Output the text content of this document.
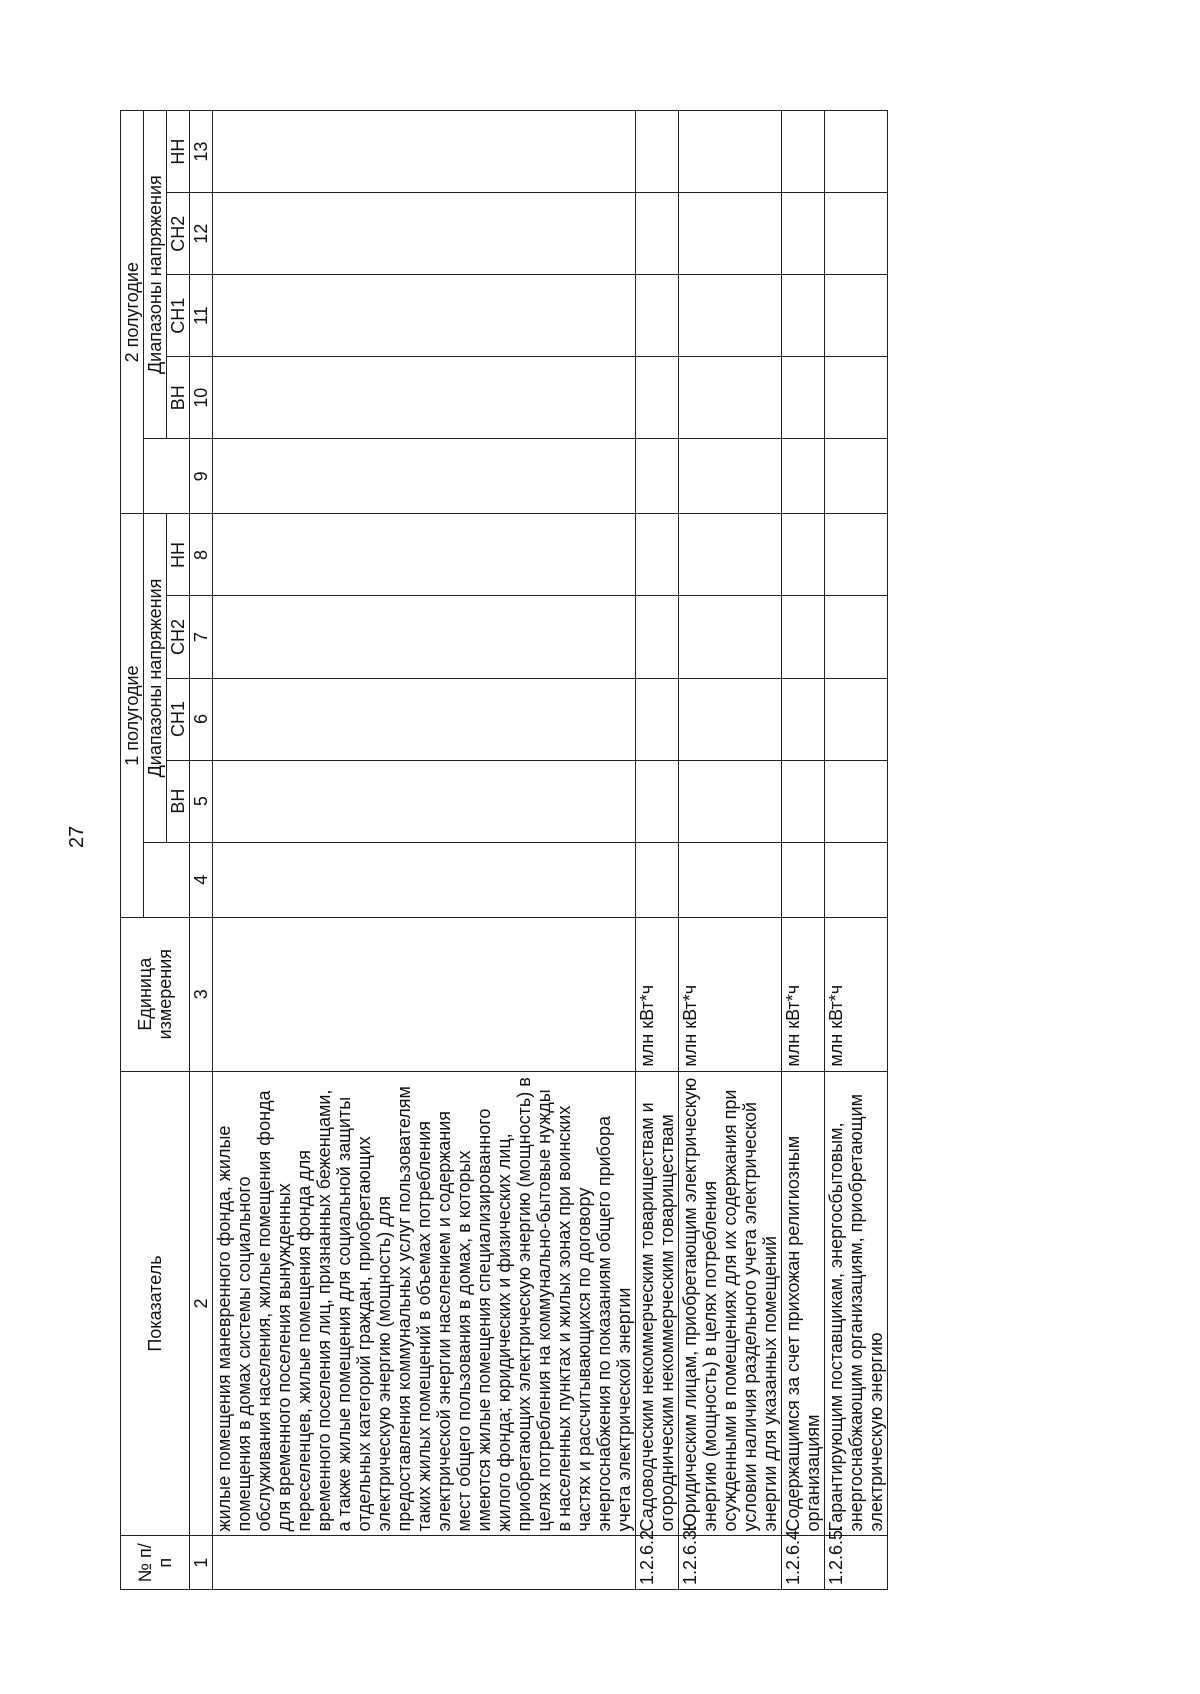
27
№ п/п	Показатель	Единица измерения	1 полугодие					2 полугодие				
				Диапазоны напряжения					Диапазоны напряжения			
				ВН	СН1	СН2	НН		ВН	СН1	СН2	НН
1	2	3	4	5	6	7	8	9	10	11	12	13
	жилые помещения маневренного фонда, жилые помещения в домах системы социального обслуживания населения, жилые помещения фонда для временного поселения вынужденных переселенцев, жилые помещения фонда для временного поселения лиц, признанных беженцами, а также жилые помещения для социальной защиты отдельных категорий граждан, приобретающих электрическую энергию (мощность) для предоставления коммунальных услуг пользователям таких жилых помещений в объемах потребления электрической энергии населением и содержания мест общего пользования в домах, в которых имеются жилые помещения специализированного жилого фонда; юридических и физических лиц, приобретающих электрическую энергию (мощность) в целях потребления на коммунально-бытовые нужды в населенных пунктах и жилых зонах при воинских частях и рассчитывающихся по договору энергоснабжения по показаниям общего прибора учета электрической энергии											
1.2.6.2.	Садоводческим некоммерческим товариществам и огородническим некоммерческим товариществам	млн кВт*ч										
1.2.6.3.	Юридическим лицам, приобретающим электрическую энергию (мощность) в целях потребления осужденными в помещениях для их содержания при условии наличия раздельного учета электрической энергии для указанных помещений	млн кВт*ч										
1.2.6.4.	Содержащимся за счет прихожан религиозным организациям	млн кВт*ч										
1.2.6.5.	Гарантирующим поставщикам, энергосбытовым, энергоснабжающим организациям, приобретающим электрическую энергию	млн кВт*ч										
